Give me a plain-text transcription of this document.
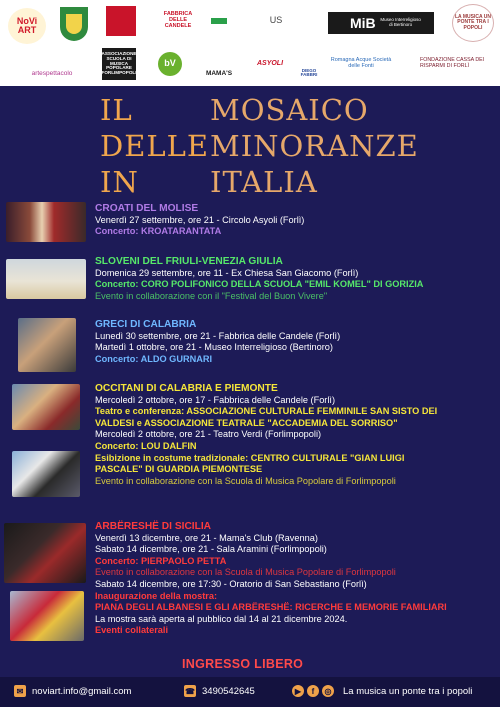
NoVi ART
FABBRICA DELLE CANDELE
US	MiB Museo Interreligioso di Bertinoro
LA MUSICA UN PONTE TRA I POPOLI
artespettacolo
ASSOCIAZIONE SCUOLA DI MUSICA POPOLARE FORLIMPOPOLI
bV
MAMA'S
ASYOLI
DIEGO FABBRI
Romagna Acque Società delle Fonti
FONDAZIONE CASSA DEI RISPARMI DI FORLÌ
IL	MOSAICO
DELLE MINORANZE
IN	ITALIA
CROATI DEL MOLISE
Venerdì 27 settembre, ore 21 - Circolo Asyoli (Forlì)
Concerto: KROATARANTATA
SLOVENI DEL FRIULI-VENEZIA GIULIA
Domenica 29 settembre, ore 11 - Ex Chiesa San Giacomo (Forlì)
Concerto: CORO POLIFONICO DELLA SCUOLA "EMIL KOMEL" DI GORIZIA
Evento in collaborazione con il "Festival del Buon Vivere"
GRECI DI CALABRIA
Lunedì 30 settembre, ore 21 - Fabbrica delle Candele (Forlì)
Martedì 1 ottobre, ore 21 - Museo Interreligioso (Bertinoro)
Concerto: ALDO GURNARI
OCCITANI DI CALABRIA E PIEMONTE
Mercoledì 2 ottobre, ore 17 - Fabbrica delle Candele (Forlì)
Teatro e conferenza: ASSOCIAZIONE CULTURALE FEMMINILE SAN SISTO DEI
VALDESI e ASSOCIAZIONE TEATRALE "ACCADEMIA DEL SORRISO"
Mercoledì 2 ottobre, ore 21 - Teatro Verdi (Forlimpopoli)
Concerto: LOU DALFIN
Esibizione in costume tradizionale: CENTRO CULTURALE "GIAN LUIGI
PASCALE" DI GUARDIA PIEMONTESE
Evento in collaborazione con la Scuola di Musica Popolare di Forlimpopoli
ARBËRESHË DI SICILIA
Venerdì 13 dicembre, ore 21 - Mama's Club (Ravenna)
Sabato 14 dicembre, ore 21 - Sala Aramini (Forlimpopoli)
Concerto: PIERPAOLO PETTA
Evento in collaborazione con la Scuola di Musica Popolare di Forlimpopoli
Sabato 14 dicembre, ore 17:30 - Oratorio di San Sebastiano (Forlì)
Inaugurazione della mostra:
PIANA DEGLI ALBANESI E GLI ARBËRESHË: RICERCHE E MEMORIE FAMILIARI
La mostra sarà aperta al pubblico dal 14 al 21 dicembre 2024.
Eventi collaterali
INGRESSO LIBERO
✉ noviart.info@gmail.com	☎ 3490542645	▶	f	◎ La musica un ponte tra i popoli
